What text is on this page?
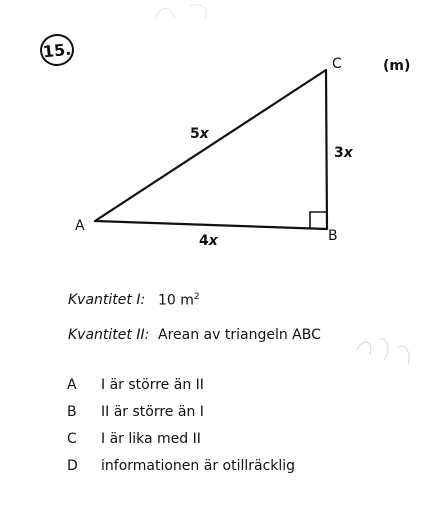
15.
(m)
A
B
C
5x
3x
4x
Kvantitet I: 10 $m^2$
Kvantitet II: Arean av triangeln ABC
A I är större än II
B II är större än I
C I är lika med II
D informationen är otillräcklig
